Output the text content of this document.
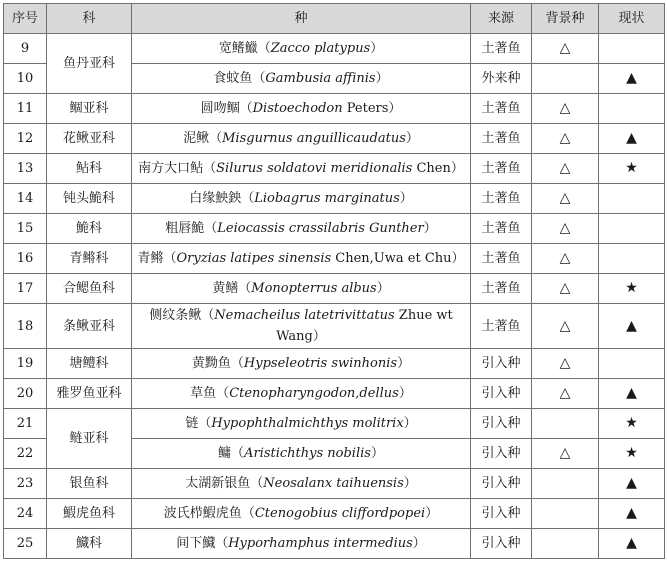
序号	科	种	来源	背景种	现状
9	鱼丹亚科	宽鳍鱲（Zacco platypus）	土著鱼	△	
10		食蚊鱼（Gambusia affinis）	外来种		▲
11	鲴亚科	圆吻鲴（Distoechodon Peters）	土著鱼	△	
12	花鳅亚科	泥鳅（Misgurnus anguillicaudatus）	土著鱼	△	▲
13	鲇科	南方大口鲇（Silurus soldatovi meridionalis Chen）	土著鱼	△	★
14	钝头鮠科	白缘䱀鉠（Liobagrus marginatus）	土著鱼	△	
15	鮠科	粗唇鮠（Leiocassis crassilabris Gunther）	土著鱼	△	
16	青鳉科	青鳉（Oryzias latipes sinensis Chen,Uwa et Chu）	土著鱼	△	
17	合鳃鱼科	黄鳝（Monopterrus albus）	土著鱼	△	★
18	条鳅亚科	侧纹条鳅（Nemacheilus latetrivittatus Zhue wt Wang）	土著鱼	△	▲
19	塘鳢科	黄黝鱼（Hypseleotris swinhonis）	引入种	△	
20	雅罗鱼亚科	草鱼（Ctenopharyngodon,dellus）	引入种	△	▲
21	鲢亚科	链（Hypophthalmichthys molitrix）	引入种		★
22		鳙（Aristichthys nobilis）	引入种	△	★
23	银鱼科	太湖新银鱼（Neosalanx taihuensis）	引入种		▲
24	鰕虎鱼科	波氏栉鰕虎鱼（Ctenogobius cliffordpopei）	引入种		▲
25	鱵科	间下鱵（Hyporhamphus intermedius）	引入种		▲
